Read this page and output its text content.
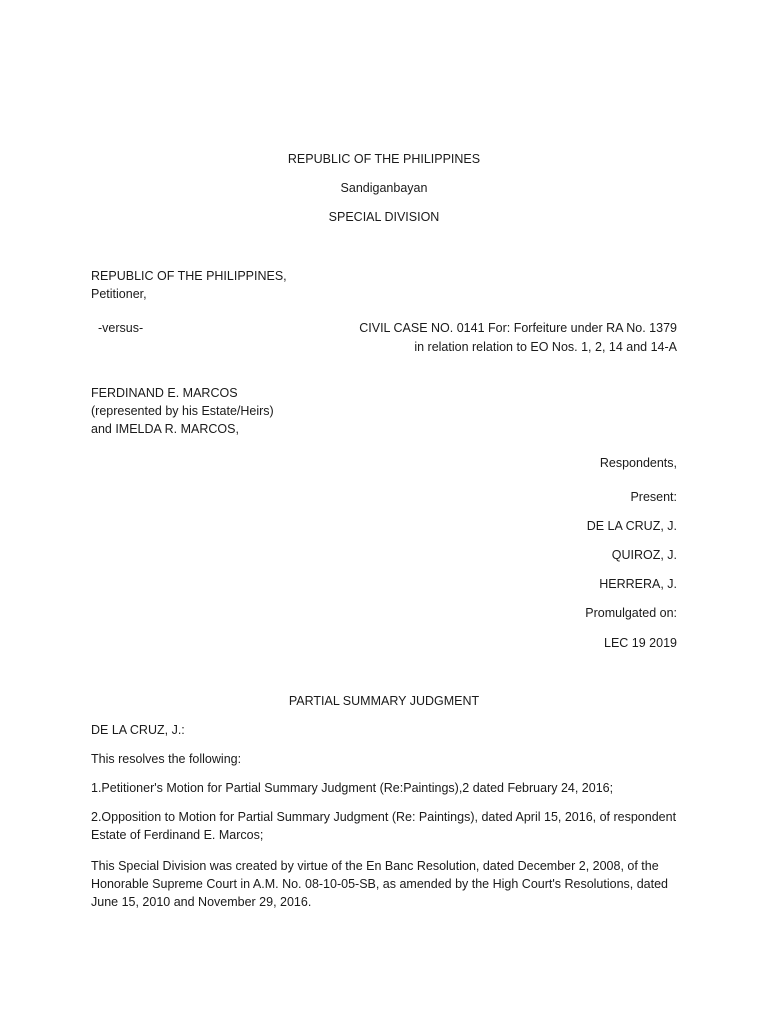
REPUBLIC OF THE PHILIPPINES
Sandiganbayan
SPECIAL DIVISION
REPUBLIC OF THE PHILIPPINES,
Petitioner,
-versus-	CIVIL CASE NO. 0141 For: Forfeiture under RA No. 1379
in relation relation to EO Nos. 1, 2, 14 and 14-A
FERDINAND E. MARCOS
(represented by his Estate/Heirs)
and IMELDA R. MARCOS,
Respondents,
Present:
DE LA CRUZ, J.
QUIROZ, J.
HERRERA, J.
Promulgated on:
LEC 19 2019
PARTIAL SUMMARY JUDGMENT
DE LA CRUZ, J.:
This resolves the following:
1.Petitioner's Motion for Partial Summary Judgment (Re:Paintings),2 dated February 24, 2016;
2.Opposition to Motion for Partial Summary Judgment (Re: Paintings), dated April 15, 2016, of respondent Estate of Ferdinand E. Marcos;
This Special Division was created by virtue of the En Banc Resolution, dated December 2, 2008, of the Honorable Supreme Court in A.M. No. 08-10-05-SB, as amended by the High Court's Resolutions, dated June 15, 2010 and November 29, 2016.
